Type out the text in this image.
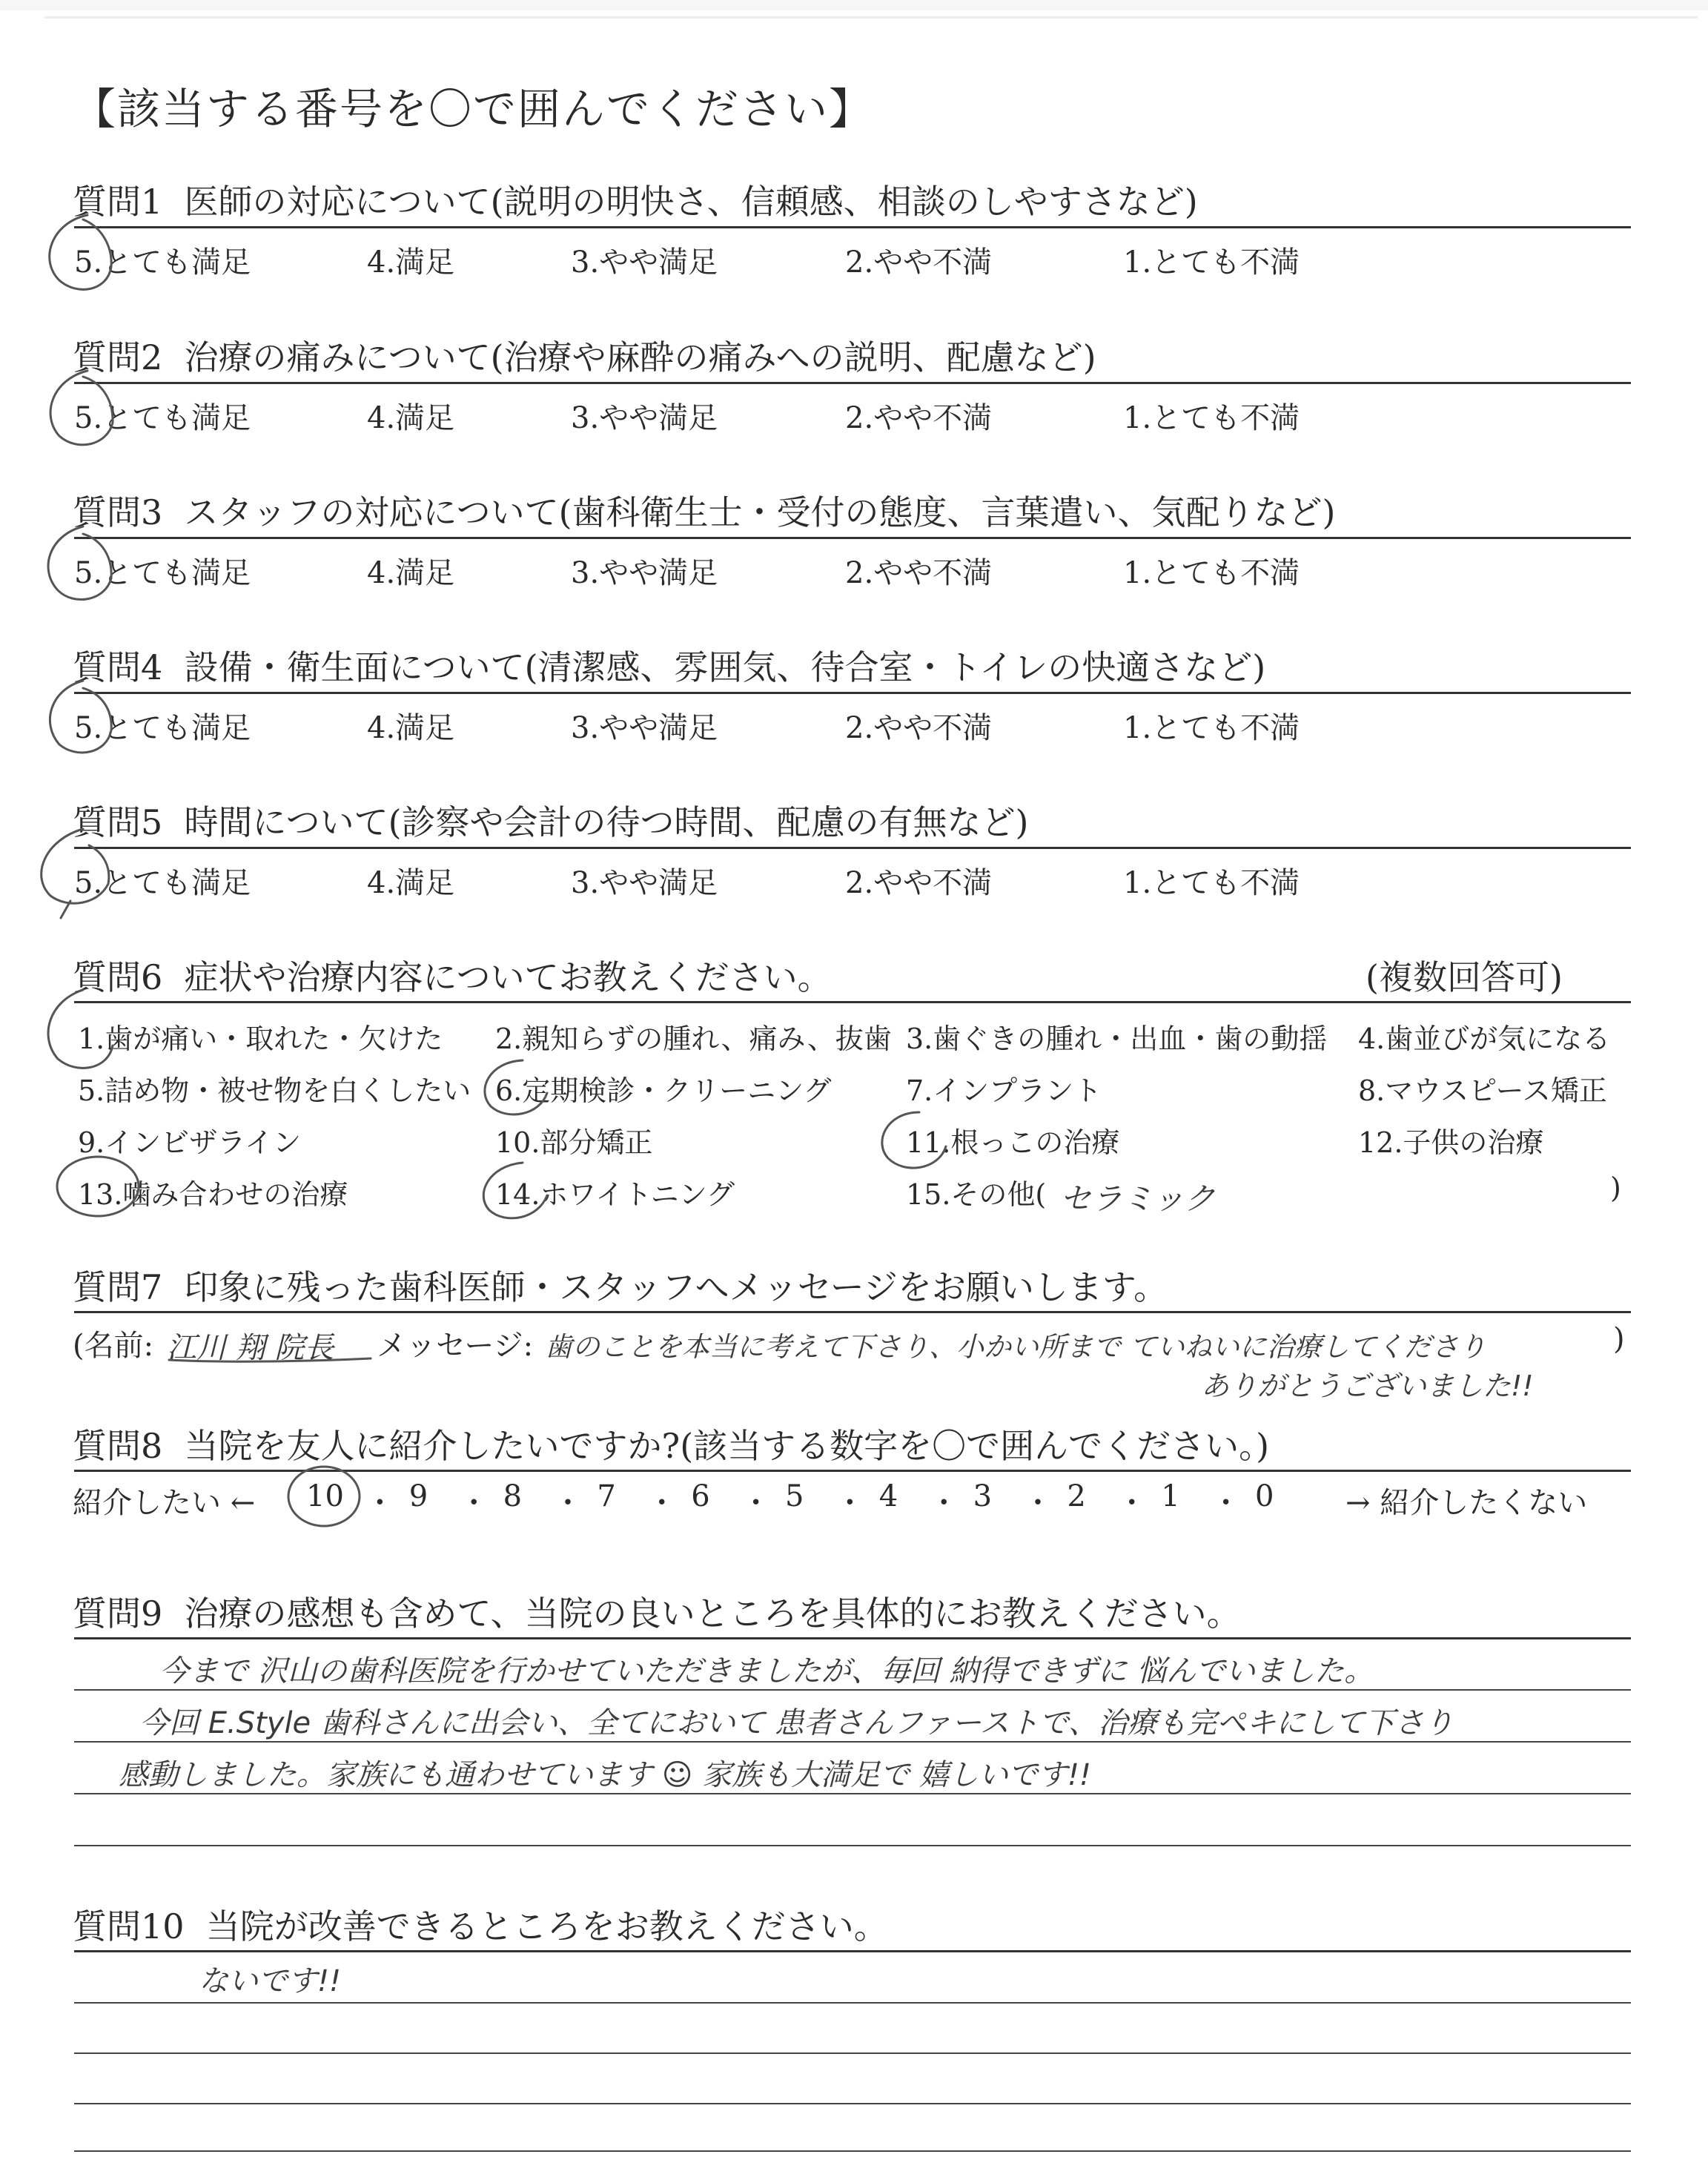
【該当する番号を〇で囲んでください】
質問1 医師の対応について(説明の明快さ、信頼感、相談のしやすさなど)
5.とても満足	4.満足	3.やや満足	2.やや不満	1.とても不満
質問2 治療の痛みについて(治療や麻酔の痛みへの説明、配慮など)
5.とても満足	4.満足	3.やや満足	2.やや不満	1.とても不満
質問3 スタッフの対応について(歯科衛生士・受付の態度、言葉遣い、気配りなど)
5.とても満足	4.満足	3.やや満足	2.やや不満	1.とても不満
質問4 設備・衛生面について(清潔感、雰囲気、待合室・トイレの快適さなど)
5.とても満足	4.満足	3.やや満足	2.やや不満	1.とても不満
質問5 時間について(診察や会計の待つ時間、配慮の有無など)
5.とても満足	4.満足	3.やや満足	2.やや不満	1.とても不満
質問6 症状や治療内容についてお教えください。	(複数回答可)
1.歯が痛い・取れた・欠けた 2.親知らずの腫れ、痛み、抜歯 3.歯ぐきの腫れ・出血・歯の動揺 4.歯並びが気になる
5.詰め物・被せ物を白くしたい 6.定期検診・クリーニング	7.インプラント	8.マウスピース矯正
9.インビザライン	10.部分矯正	11.根っこの治療	12.子供の治療
13.噛み合わせの治療	14.ホワイトニング	15.その他( セラミック	)
質問7 印象に残った歯科医師・スタッフへメッセージをお願いします。
(名前: 江川 翔 院長 メッセージ: 歯のことを本当に考えて下さり、小かい所まで ていねいに治療してくださり	)
ありがとうございました!!
質問8 当院を友人に紹介したいですか?(該当する数字を〇で囲んでください。)
紹介したい ← 10 ・ 9 ・ 8 ・ 7 ・ 6 ・ 5 ・ 4 ・ 3 ・ 2 ・ 1 ・ 0 → 紹介したくない
質問9 治療の感想も含めて、当院の良いところを具体的にお教えください。
今まで 沢山の歯科医院を行かせていただきましたが、毎回 納得できずに 悩んでいました。
今回 E.Style 歯科さんに出会い、全てにおいて 患者さんファーストで、治療も完ペキにして下さり
感動しました。家族にも通わせています ☺ 家族も大満足で 嬉しいです!!
質問10 当院が改善できるところをお教えください。
ないです!!
